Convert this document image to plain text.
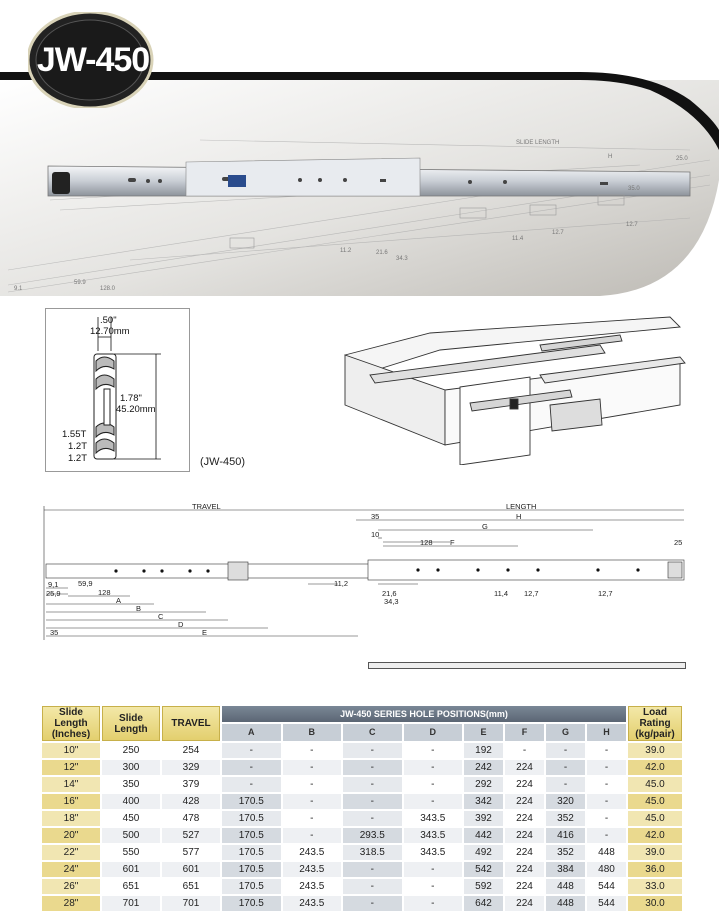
SLIDE LENGTH
H	25.0
35.0
21.6
34.3
11.4
12.7
12.7
11.2
9.1
59.9
128.0
JW-450
.50"
12.70mm
1.78"
45.20mm
1.55T
1.2T
1.2T	(JW-450)
TRAVEL	LENGTH
35	H
G
10
F
128	25
9,1
25,9
59,9
128
11,2
21,6
34,3
11,4 12,7	12,7
A
B
C
D
E
35
Slide Length (Inches)	Slide Length	TRAVEL	JW-450 SERIES HOLE POSITIONS(mm)								Load Rating (kg/pair)
			A	B	C	D	E	F	G	H	
10"	250	254	-	-	-	-	192	-	-	-	39.0
12"	300	329	-	-	-	-	242	224	-	-	42.0
14"	350	379	-	-	-	-	292	224	-	-	45.0
16"	400	428	170.5	-	-	-	342	224	320	-	45.0
18"	450	478	170.5	-	-	343.5	392	224	352	-	45.0
20"	500	527	170.5	-	293.5	343.5	442	224	416	-	42.0
22"	550	577	170.5	243.5	318.5	343.5	492	224	352	448	39.0
24"	601	601	170.5	243.5	-	-	542	224	384	480	36.0
26"	651	651	170.5	243.5	-	-	592	224	448	544	33.0
28"	701	701	170.5	243.5	-	-	642	224	448	544	30.0
